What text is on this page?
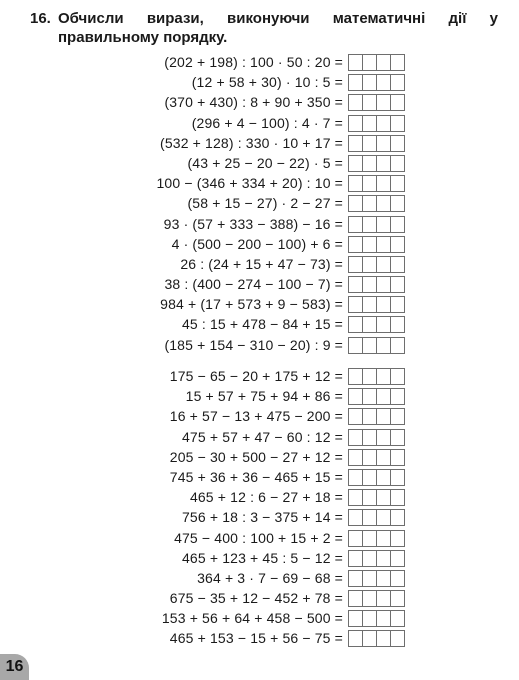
16. Обчисли вирази, виконуючи математичні дії у правильному порядку.
(202 + 198) : 100 · 50 : 20 =
(12 + 58 + 30) · 10 : 5 =
(370 + 430) : 8 + 90 + 350 =
(296 + 4 − 100) : 4 · 7 =
(532 + 128) : 330 · 10 + 17 =
(43 + 25 − 20 − 22) · 5 =
100 − (346 + 334 + 20) : 10 =
(58 + 15 − 27) · 2 − 27 =
93 · (57 + 333 − 388) − 16 =
4 · (500 − 200 − 100) + 6 =
26 : (24 + 15 + 47 − 73) =
38 : (400 − 274 − 100 − 7) =
984 + (17 + 573 + 9 − 583) =
45 : 15 + 478 − 84 + 15 =
(185 + 154 − 310 − 20) : 9 =
175 − 65 − 20 + 175 + 12 =
15 + 57 + 75 + 94 + 86 =
16 + 57 − 13 + 475 − 200 =
475 + 57 + 47 − 60 : 12 =
205 − 30 + 500 − 27 + 12 =
745 + 36 + 36 − 465 + 15 =
465 + 12 : 6 − 27 + 18 =
756 + 18 : 3 − 375 + 14 =
475 − 400 : 100 + 15 + 2 =
465 + 123 + 45 : 5 − 12 =
364 + 3 · 7 − 69 − 68 =
675 − 35 + 12 − 452 + 78 =
153 + 56 + 64 + 458 − 500 =
465 + 153 − 15 + 56 − 75 =
16
